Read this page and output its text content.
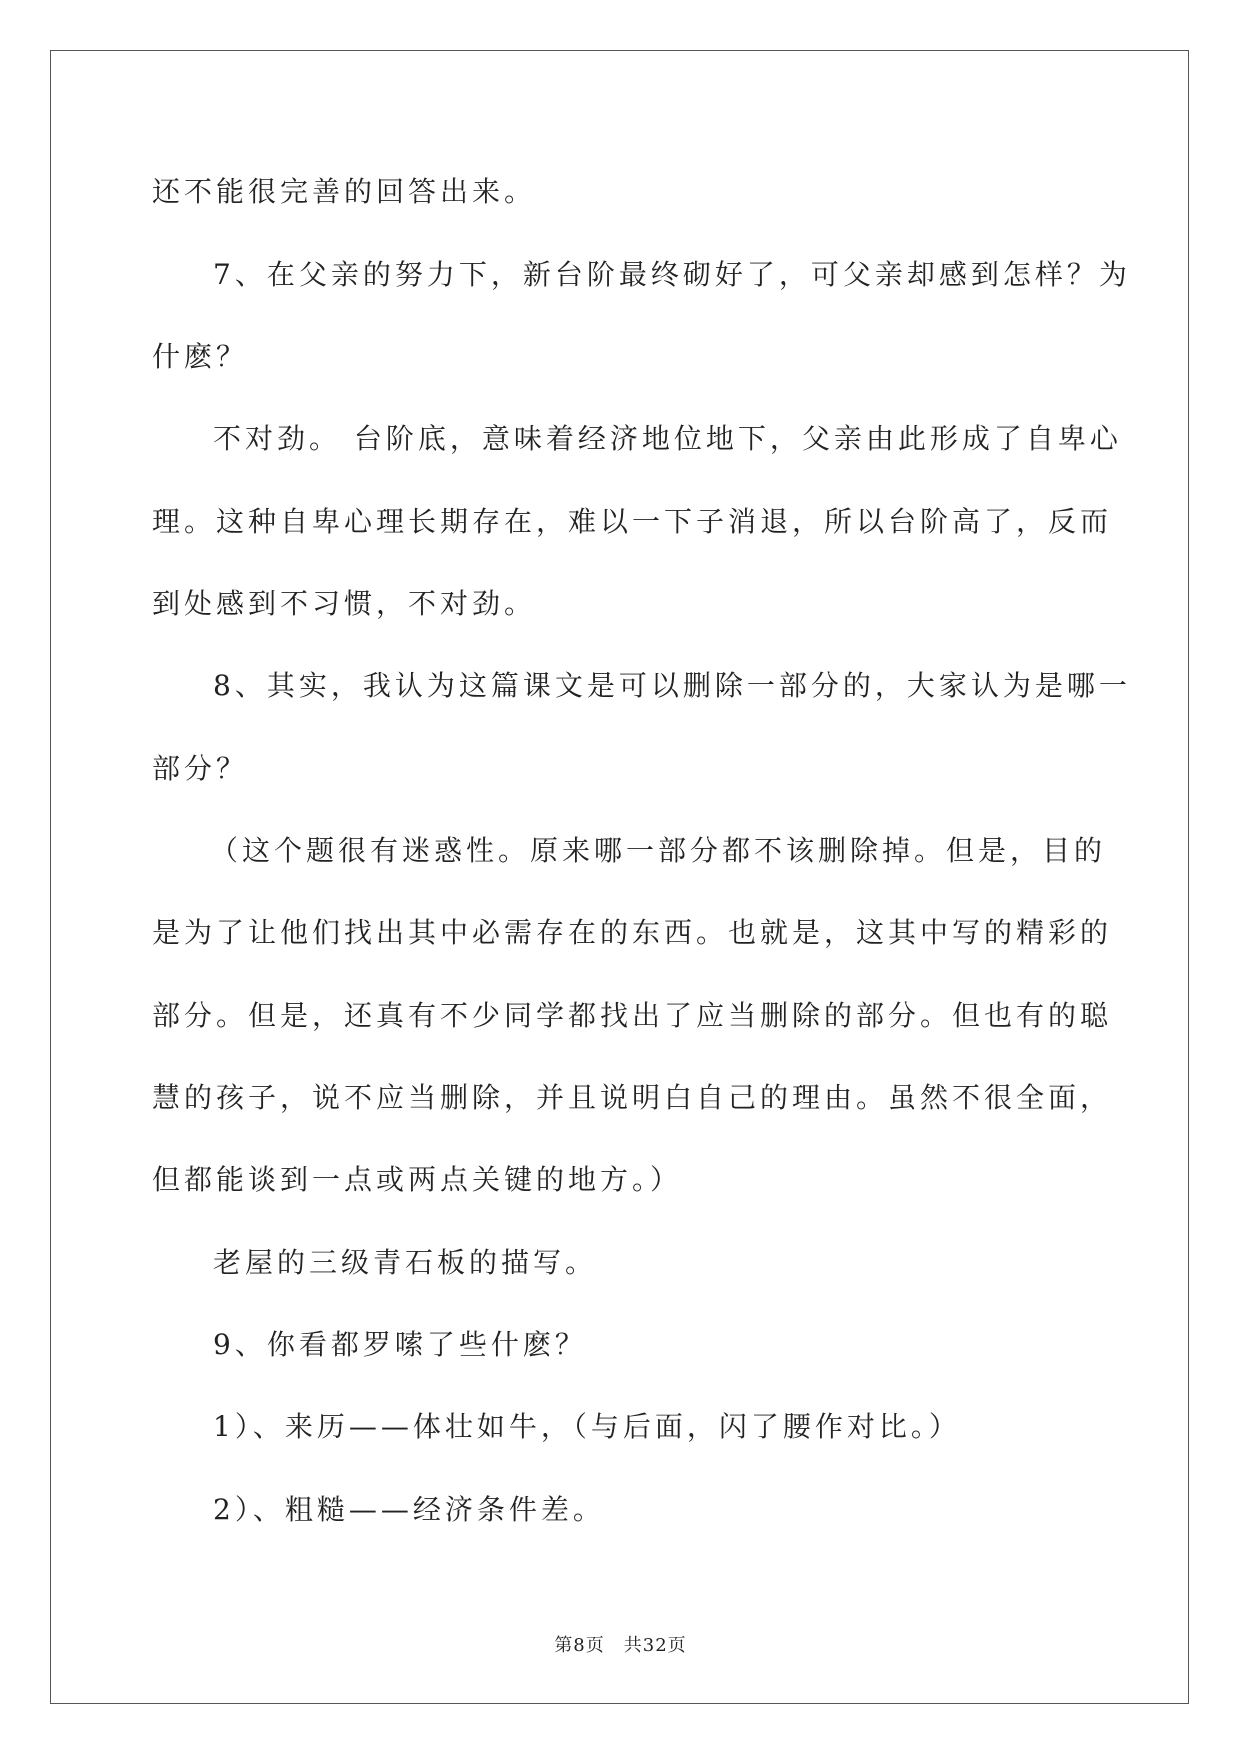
还不能很完善的回答出来。
7、在父亲的努力下，新台阶最终砌好了，可父亲却感到怎样？为
什麽？
不对劲。 台阶底，意味着经济地位地下，父亲由此形成了自卑心
理。这种自卑心理长期存在，难以一下子消退，所以台阶高了，反而
到处感到不习惯，不对劲。
8、其实，我认为这篇课文是可以删除一部分的，大家认为是哪一
部分？
（这个题很有迷惑性。原来哪一部分都不该删除掉。但是，目的
是为了让他们找出其中必需存在的东西。也就是，这其中写的精彩的
部分。但是，还真有不少同学都找出了应当删除的部分。但也有的聪
慧的孩子，说不应当删除，并且说明白自己的理由。虽然不很全面，
但都能谈到一点或两点关键的地方。）
老屋的三级青石板的描写。
9、你看都罗嗦了些什麽？
1）、来历——体壮如牛，（与后面，闪了腰作对比。）
2）、粗糙——经济条件差。
第8页　共32页
